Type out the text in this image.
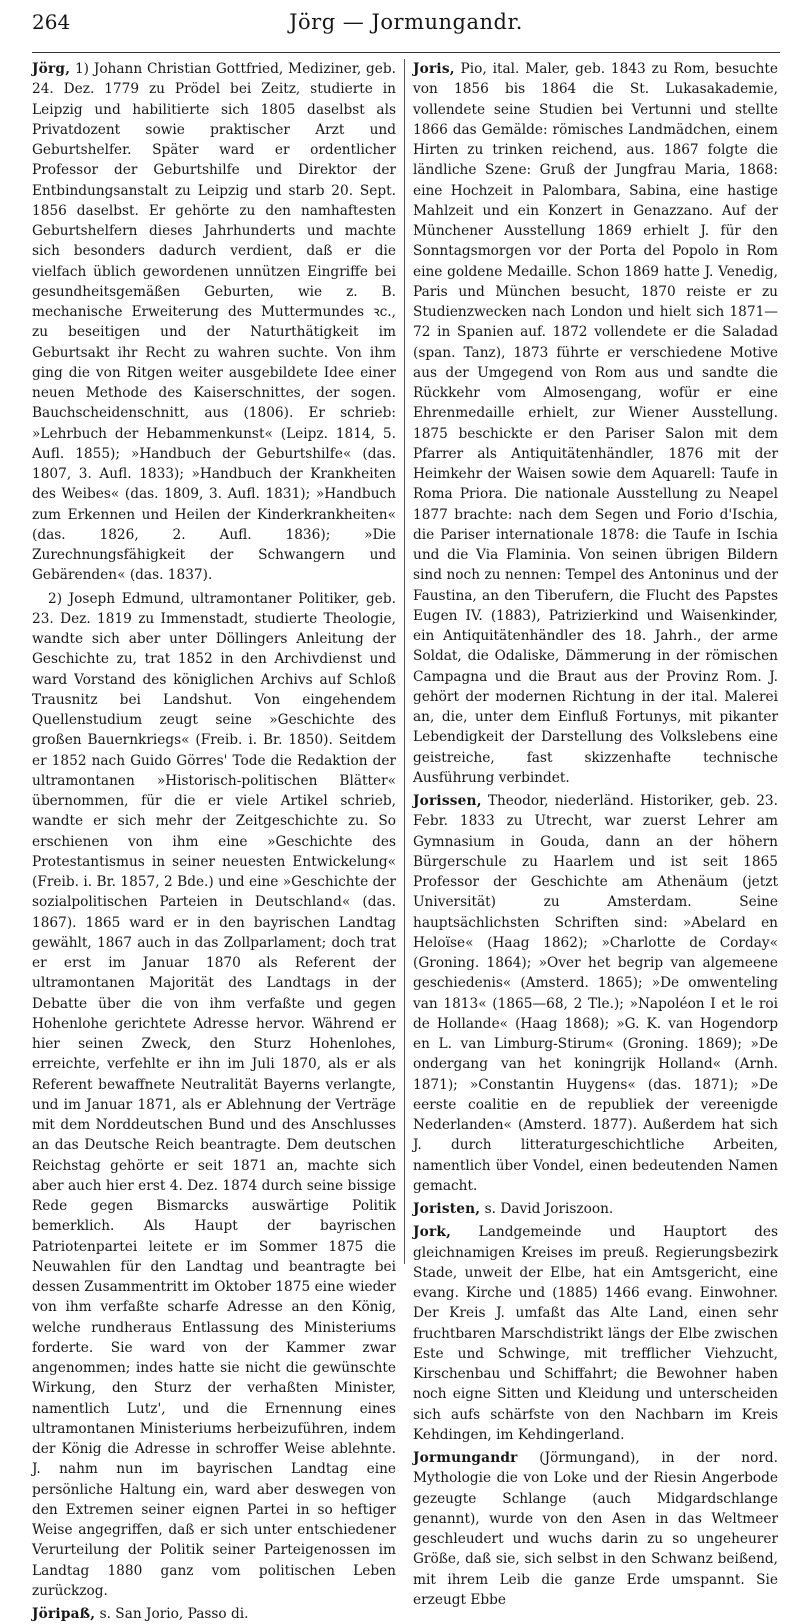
264	Jörg — Jormungandr.

Jörg, 1) Johann Christian Gottfried, Mediziner, geb. 24. Dez. 1779 zu Prödel bei Zeitz, studierte in Leipzig und habilitierte sich 1805 daselbst als Privatdozent sowie praktischer Arzt und Geburtshelfer. Später ward er ordentlicher Professor der Geburtshilfe und Direktor der Entbindungsanstalt zu Leipzig und starb 20. Sept. 1856 daselbst. Er gehörte zu den namhaftesten Geburtshelfern dieses Jahrhunderts und machte sich besonders dadurch verdient, daß er die vielfach üblich gewordenen unnützen Eingriffe bei gesundheitsgemäßen Geburten, wie z. B. mechanische Erweiterung des Muttermundes ꝛc., zu beseitigen und der Naturthätigkeit im Geburtsakt ihr Recht zu wahren suchte. Von ihm ging die von Ritgen weiter ausgebildete Idee einer neuen Methode des Kaiserschnittes, der sogen. Bauchscheidenschnitt, aus (1806). Er schrieb: »Lehrbuch der Hebammenkunst« (Leipz. 1814, 5. Aufl. 1855); »Handbuch der Geburtshilfe« (das. 1807, 3. Aufl. 1833); »Handbuch der Krankheiten des Weibes« (das. 1809, 3. Aufl. 1831); »Handbuch zum Erkennen und Heilen der Kinderkrankheiten« (das. 1826, 2. Aufl. 1836); »Die Zurechnungsfähigkeit der Schwangern und Gebärenden« (das. 1837).

2) Joseph Edmund, ultramontaner Politiker, geb. 23. Dez. 1819 zu Immenstadt, studierte Theologie, wandte sich aber unter Döllingers Anleitung der Geschichte zu, trat 1852 in den Archivdienst und ward Vorstand des königlichen Archivs auf Schloß Trausnitz bei Landshut. Von eingehendem Quellenstudium zeugt seine »Geschichte des großen Bauernkriegs« (Freib. i. Br. 1850). Seitdem er 1852 nach Guido Görres' Tode die Redaktion der ultramontanen »Historisch-politischen Blätter« übernommen, für die er viele Artikel schrieb, wandte er sich mehr der Zeitgeschichte zu. So erschienen von ihm eine »Geschichte des Protestantismus in seiner neuesten Entwickelung« (Freib. i. Br. 1857, 2 Bde.) und eine »Geschichte der sozialpolitischen Parteien in Deutschland« (das. 1867). 1865 ward er in den bayrischen Landtag gewählt, 1867 auch in das Zollparlament; doch trat er erst im Januar 1870 als Referent der ultramontanen Majorität des Landtags in der Debatte über die von ihm verfaßte und gegen Hohenlohe gerichtete Adresse hervor. Während er hier seinen Zweck, den Sturz Hohenlohes, erreichte, verfehlte er ihn im Juli 1870, als er als Referent bewaffnete Neutralität Bayerns verlangte, und im Januar 1871, als er Ablehnung der Verträge mit dem Norddeutschen Bund und des Anschlusses an das Deutsche Reich beantragte. Dem deutschen Reichstag gehörte er seit 1871 an, machte sich aber auch hier erst 4. Dez. 1874 durch seine bissige Rede gegen Bismarcks auswärtige Politik bemerklich. Als Haupt der bayrischen Patriotenpartei leitete er im Sommer 1875 die Neuwahlen für den Landtag und beantragte bei dessen Zusammentritt im Oktober 1875 eine wieder von ihm verfaßte scharfe Adresse an den König, welche rundheraus Entlassung des Ministeriums forderte. Sie ward von der Kammer zwar angenommen; indes hatte sie nicht die gewünschte Wirkung, den Sturz der verhaßten Minister, namentlich Lutz', und die Ernennung eines ultramontanen Ministeriums herbeizuführen, indem der König die Adresse in schroffer Weise ablehnte. J. nahm nun im bayrischen Landtag eine persönliche Haltung ein, ward aber deswegen von den Extremen seiner eignen Partei in so heftiger Weise angegriffen, daß er sich unter entschiedener Verurteilung der Politik seiner Parteigenossen im Landtag 1880 ganz vom politischen Leben zurückzog.

Jöripaß, s. San Jorio, Passo di.

Joris, Pio, ital. Maler, geb. 1843 zu Rom, besuchte von 1856 bis 1864 die St. Lukasakademie, vollendete seine Studien bei Vertunni und stellte 1866 das Gemälde: römisches Landmädchen, einem Hirten zu trinken reichend, aus. 1867 folgte die ländliche Szene: Gruß der Jungfrau Maria, 1868: eine Hochzeit in Palombara, Sabina, eine hastige Mahlzeit und ein Konzert in Genazzano. Auf der Münchener Ausstellung 1869 erhielt J. für den Sonntagsmorgen vor der Porta del Popolo in Rom eine goldene Medaille. Schon 1869 hatte J. Venedig, Paris und München besucht, 1870 reiste er zu Studienzwecken nach London und hielt sich 1871—72 in Spanien auf. 1872 vollendete er die Saladad (span. Tanz), 1873 führte er verschiedene Motive aus der Umgegend von Rom aus und sandte die Rückkehr vom Almosengang, wofür er eine Ehrenmedaille erhielt, zur Wiener Ausstellung. 1875 beschickte er den Pariser Salon mit dem Pfarrer als Antiquitätenhändler, 1876 mit der Heimkehr der Waisen sowie dem Aquarell: Taufe in Roma Priora. Die nationale Ausstellung zu Neapel 1877 brachte: nach dem Segen und Forio d'Ischia, die Pariser internationale 1878: die Taufe in Ischia und die Via Flaminia. Von seinen übrigen Bildern sind noch zu nennen: Tempel des Antoninus und der Faustina, an den Tiberufern, die Flucht des Papstes Eugen IV. (1883), Patrizierkind und Waisenkinder, ein Antiquitätenhändler des 18. Jahrh., der arme Soldat, die Odaliske, Dämmerung in der römischen Campagna und die Braut aus der Provinz Rom. J. gehört der modernen Richtung in der ital. Malerei an, die, unter dem Einfluß Fortunys, mit pikanter Lebendigkeit der Darstellung des Volkslebens eine geistreiche, fast skizzenhafte technische Ausführung verbindet.

Jorissen, Theodor, niederländ. Historiker, geb. 23. Febr. 1833 zu Utrecht, war zuerst Lehrer am Gymnasium in Gouda, dann an der höhern Bürgerschule zu Haarlem und ist seit 1865 Professor der Geschichte am Athenäum (jetzt Universität) zu Amsterdam. Seine hauptsächlichsten Schriften sind: »Abelard en Heloïse« (Haag 1862); »Charlotte de Corday« (Groning. 1864); »Over het begrip van algemeene geschiedenis« (Amsterd. 1865); »De omwenteling van 1813« (1865—68, 2 Tle.); »Napoléon I et le roi de Hollande« (Haag 1868); »G. K. van Hogendorp en L. van Limburg-Stirum« (Groning. 1869); »De ondergang van het koningrijk Holland« (Arnh. 1871); »Constantin Huygens« (das. 1871); »De eerste coalitie en de republiek der vereenigde Nederlanden« (Amsterd. 1877). Außerdem hat sich J. durch litteraturgeschichtliche Arbeiten, namentlich über Vondel, einen bedeutenden Namen gemacht.

Joristen, s. David Joriszoon.

Jork, Landgemeinde und Hauptort des gleichnamigen Kreises im preuß. Regierungsbezirk Stade, unweit der Elbe, hat ein Amtsgericht, eine evang. Kirche und (1885) 1466 evang. Einwohner. Der Kreis J. umfaßt das Alte Land, einen sehr fruchtbaren Marschdistrikt längs der Elbe zwischen Este und Schwinge, mit trefflicher Viehzucht, Kirschenbau und Schiffahrt; die Bewohner haben noch eigne Sitten und Kleidung und unterscheiden sich aufs schärfste von den Nachbarn im Kreis Kehdingen, im Kehdingerland.

Jormungandr (Jörmungand), in der nord. Mythologie die von Loke und der Riesin Angerbode gezeugte Schlange (auch Midgardschlange genannt), wurde von den Asen in das Weltmeer geschleudert und wuchs darin zu so ungeheurer Größe, daß sie, sich selbst in den Schwanz beißend, mit ihrem Leib die ganze Erde umspannt. Sie erzeugt Ebbe
